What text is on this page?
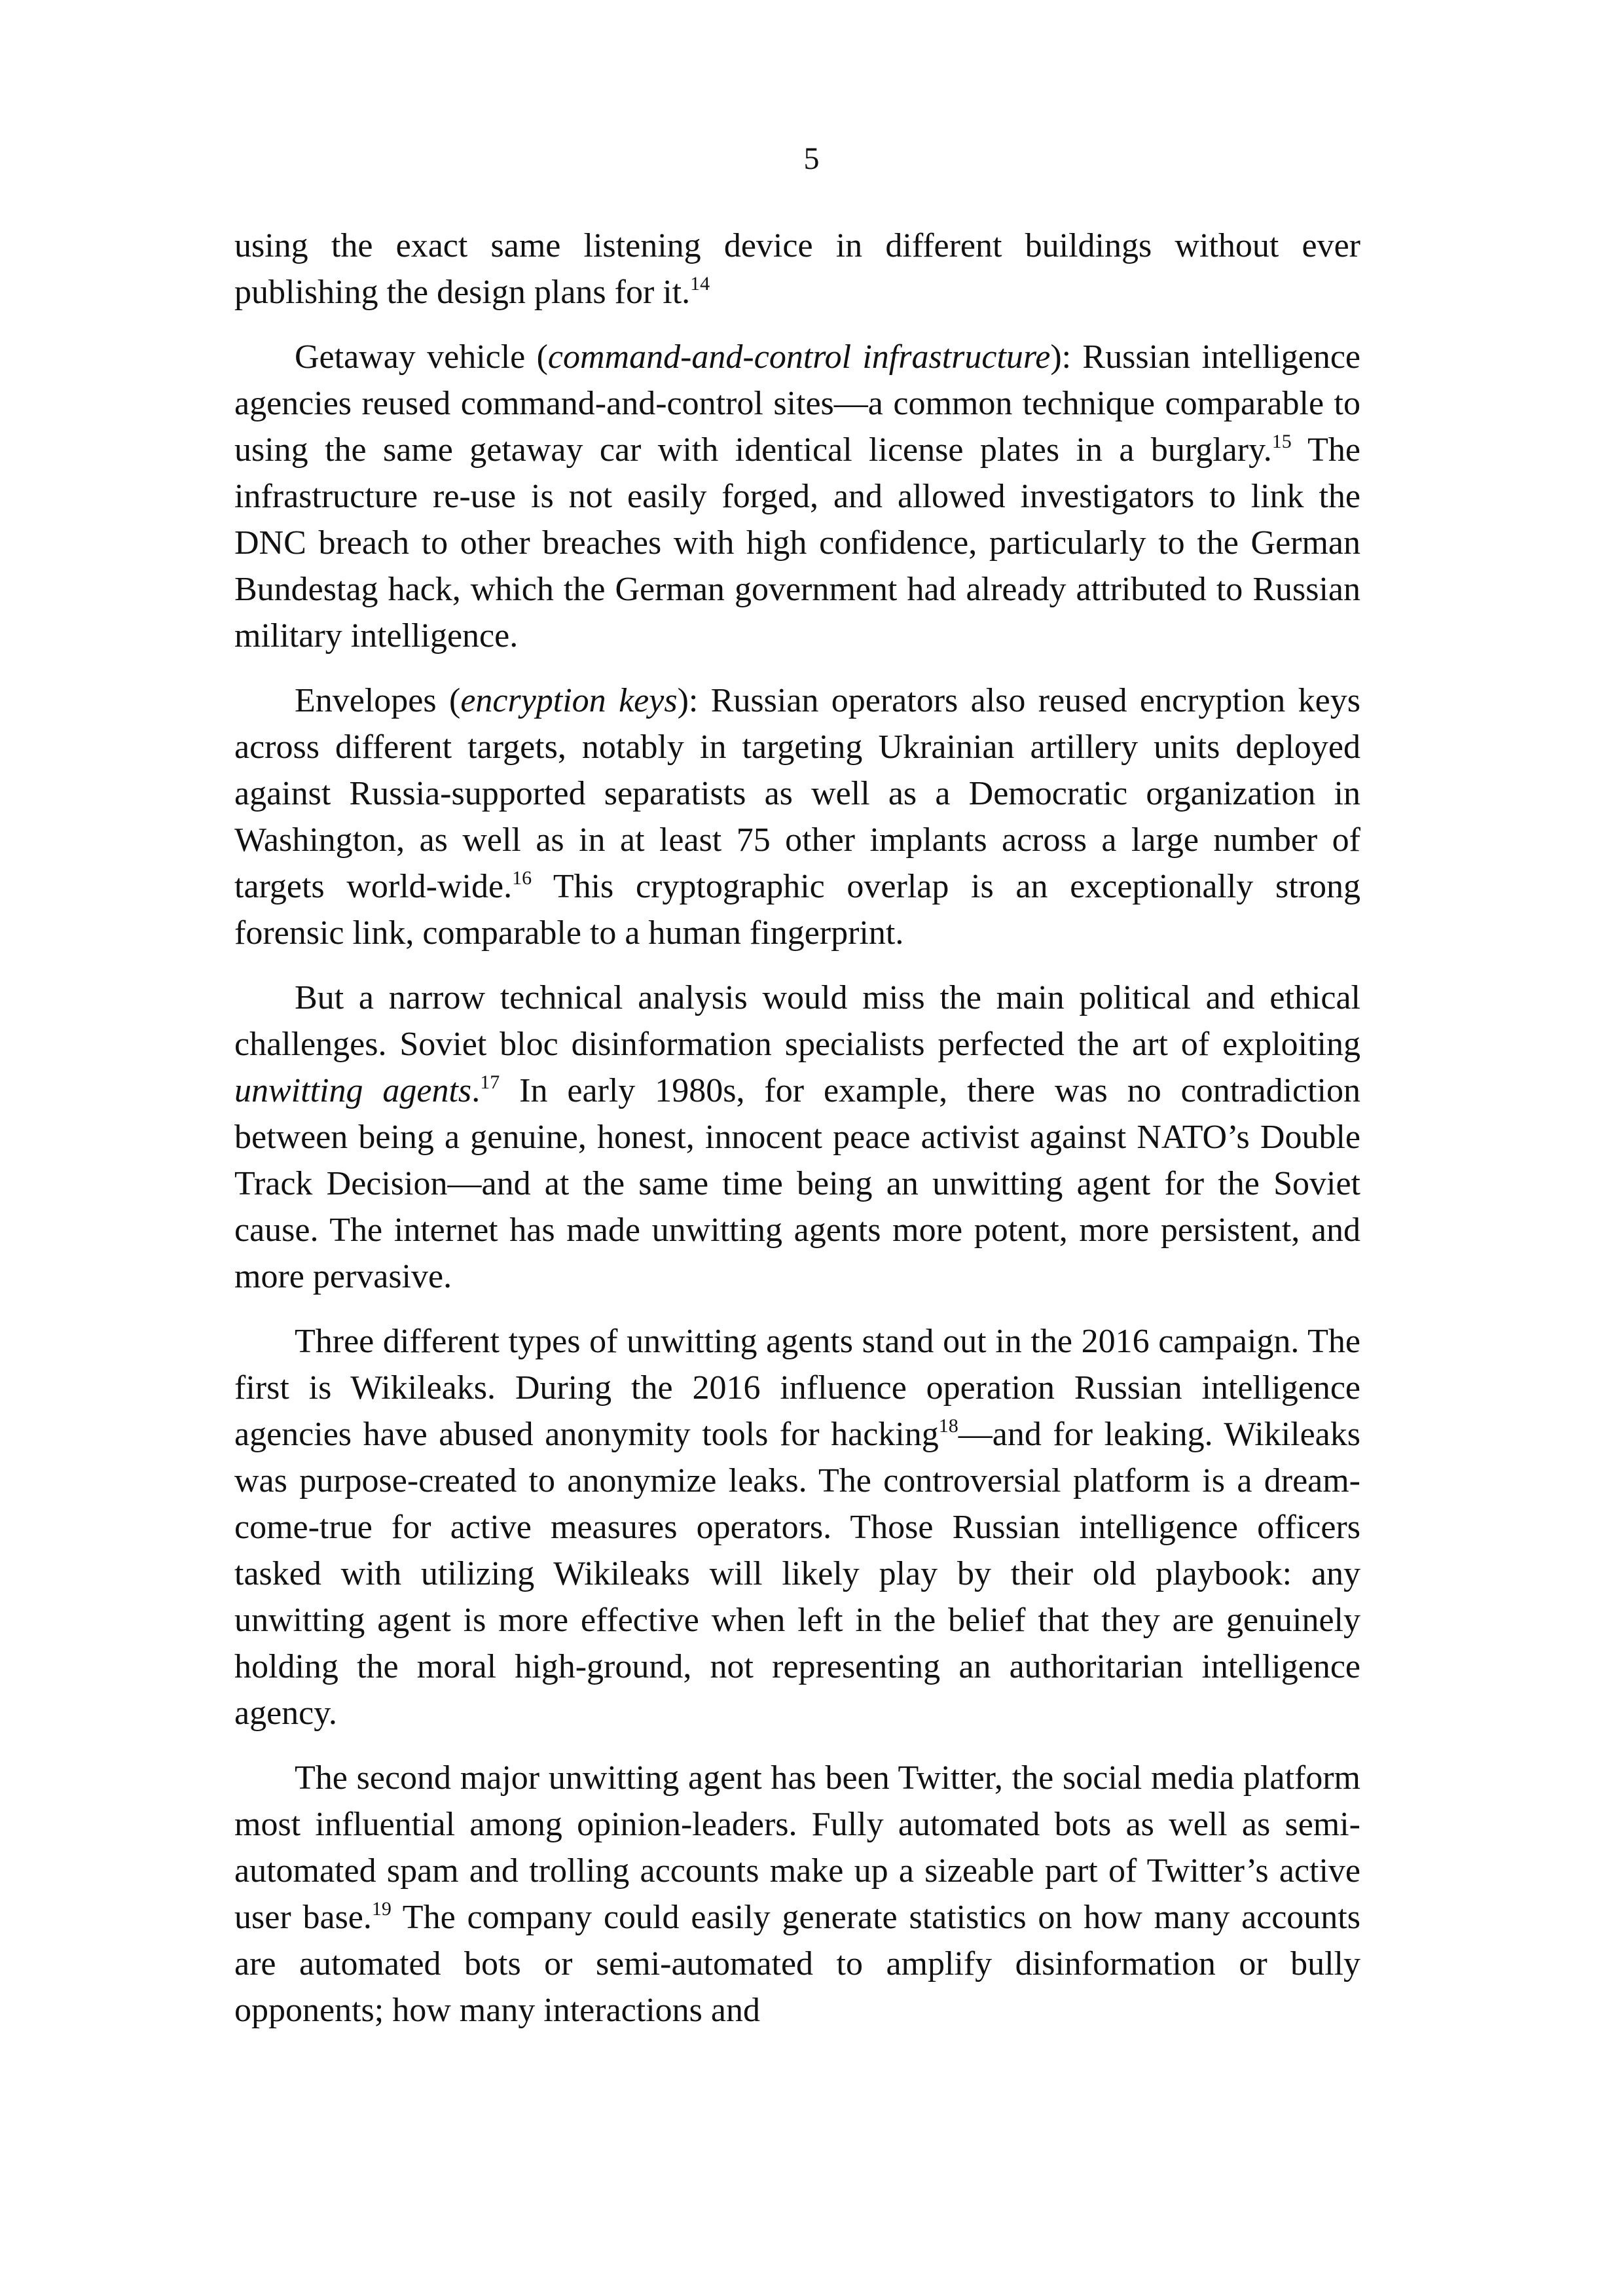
5

using the exact same listening device in different buildings without ever publishing the design plans for it.$^{14}$

Getaway vehicle (command-and-control infrastructure): Russian intelligence agencies reused command-and-control sites—a common technique comparable to using the same getaway car with identical license plates in a burglary.$^{15}$ The infrastructure re-use is not easily forged, and allowed investigators to link the DNC breach to other breaches with high confidence, particularly to the German Bundestag hack, which the German government had already attributed to Russian military intelligence.

Envelopes (encryption keys): Russian operators also reused encryption keys across different targets, notably in targeting Ukrainian artillery units deployed against Russia-supported separatists as well as a Democratic organization in Washington, as well as in at least 75 other implants across a large number of targets world-wide.$^{16}$ This cryptographic overlap is an exceptionally strong forensic link, comparable to a human fingerprint.

But a narrow technical analysis would miss the main political and ethical challenges. Soviet bloc disinformation specialists perfected the art of exploiting unwitting agents.$^{17}$ In early 1980s, for example, there was no contradiction between being a genuine, honest, innocent peace activist against NATO’s Double Track Decision—and at the same time being an unwitting agent for the Soviet cause. The internet has made unwitting agents more potent, more persistent, and more pervasive.

Three different types of unwitting agents stand out in the 2016 campaign. The first is Wikileaks. During the 2016 influence operation Russian intelligence agencies have abused anonymity tools for hacking$^{18}$—and for leaking. Wikileaks was purpose-created to anonymize leaks. The controversial platform is a dream-come-true for active measures operators. Those Russian intelligence officers tasked with utilizing Wikileaks will likely play by their old playbook: any unwitting agent is more effective when left in the belief that they are genuinely holding the moral high-ground, not representing an authoritarian intelligence agency.

The second major unwitting agent has been Twitter, the social media platform most influential among opinion-leaders. Fully automated bots as well as semi-automated spam and trolling accounts make up a sizeable part of Twitter’s active user base.$^{19}$ The company could easily generate statistics on how many accounts are automated bots or semi-automated to amplify disinformation or bully opponents; how many interactions and
